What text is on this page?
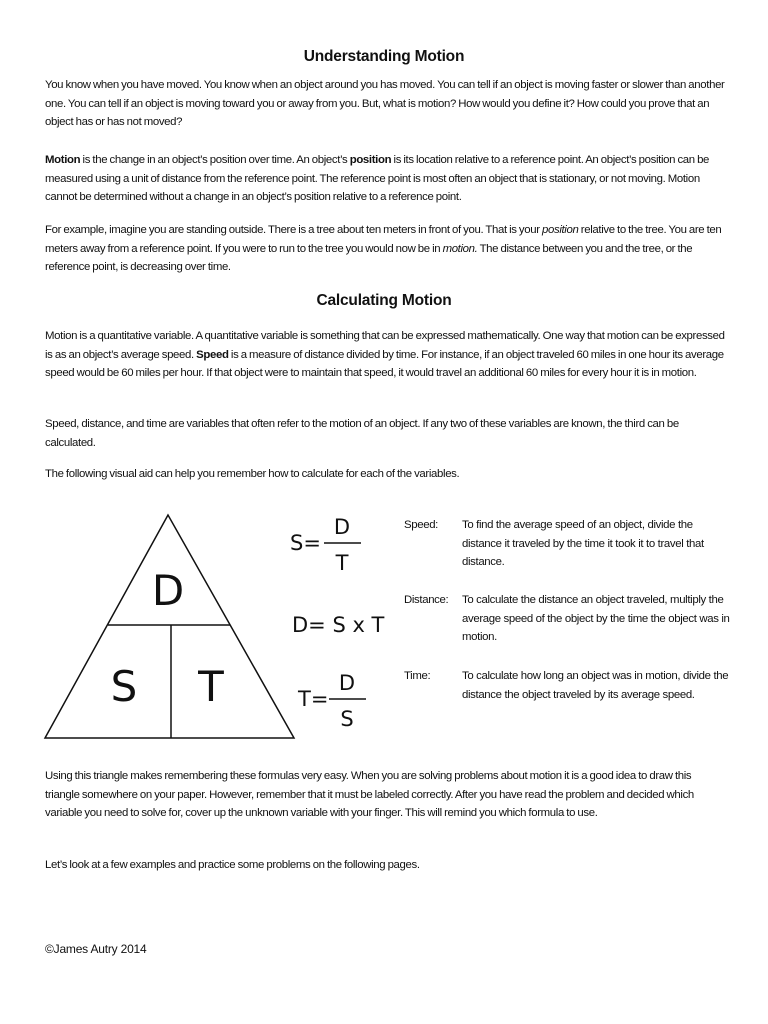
Understanding Motion
You know when you have moved. You know when an object around you has moved. You can tell if an object is moving faster or slower than another one. You can tell if an object is moving toward you or away from you. But, what is motion? How would you define it? How could you prove that an object has or has not moved?
Motion is the change in an object’s position over time. An object’s position is its location relative to a reference point. An object’s position can be measured using a unit of distance from the reference point. The reference point is most often an object that is stationary, or not moving. Motion cannot be determined without a change in an object’s position relative to a reference point.
For example, imagine you are standing outside. There is a tree about ten meters in front of you. That is your position relative to the tree. You are ten meters away from a reference point. If you were to run to the tree you would now be in motion. The distance between you and the tree, or the reference point, is decreasing over time.
Calculating Motion
Motion is a quantitative variable. A quantitative variable is something that can be expressed mathematically. One way that motion can be expressed is as an object’s average speed. Speed is a measure of distance divided by time. For instance, if an object traveled 60 miles in one hour its average speed would be 60 miles per hour. If that object were to maintain that speed, it would travel an additional 60 miles for every hour it is in motion.
Speed, distance, and time are variables that often refer to the motion of an object. If any two of these variables are known, the third can be calculated.
The following visual aid can help you remember how to calculate for each of the variables.
D
S T
S=
D
T
D= S x T
T=
D
S
Speed: To find the average speed of an object, divide the distance it traveled by the time it took it to travel that distance.
Distance: To calculate the distance an object traveled, multiply the average speed of the object by the time the object was in motion.
Time:	To calculate how long an object was in motion, divide the distance the object traveled by its average speed.
Using this triangle makes remembering these formulas very easy. When you are solving problems about motion it is a good idea to draw this triangle somewhere on your paper. However, remember that it must be labeled correctly. After you have read the problem and decided which variable you need to solve for, cover up the unknown variable with your finger. This will remind you which formula to use.
Let’s look at a few examples and practice some problems on the following pages.
©James Autry 2014
